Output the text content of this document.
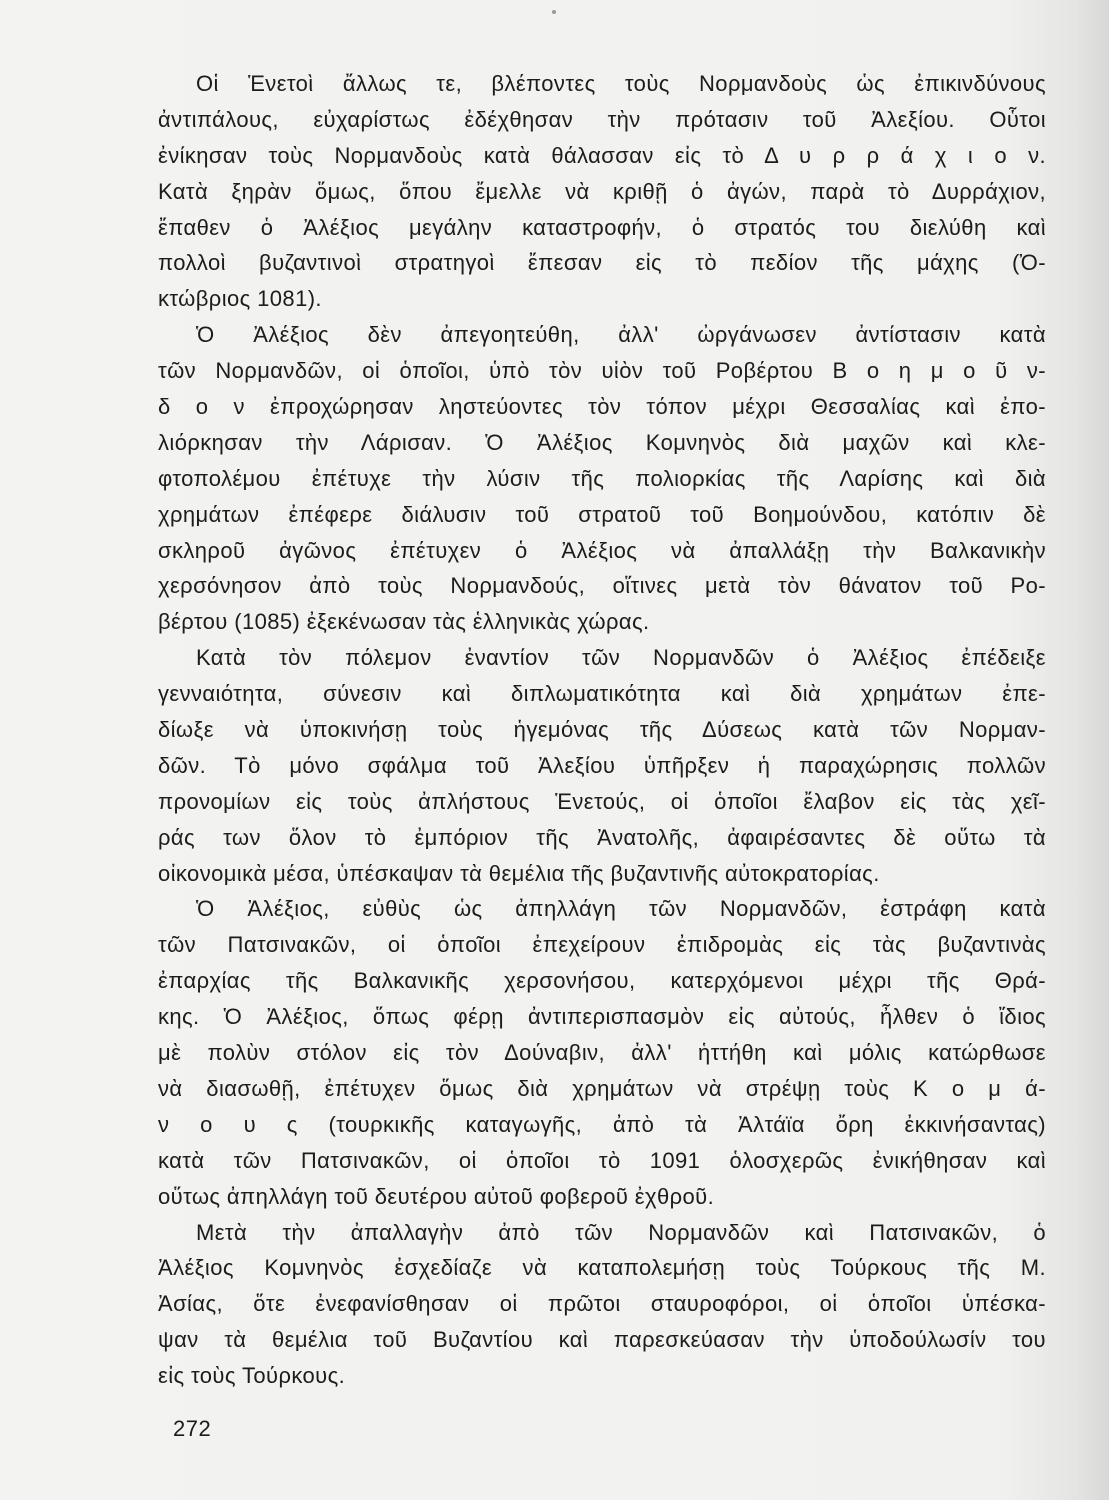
Οἱ Ἑνετοὶ ἄλλως τε, βλέποντες τοὺς Νορμανδοὺς ὡς ἐπικινδύνους
ἀντιπάλους, εὐχαρίστως ἐδέχθησαν τὴν πρότασιν τοῦ Ἀλεξίου. Οὗτοι
ἐνίκησαν τοὺς Νορμανδοὺς κατὰ θάλασσαν εἰς τὸ Δ υ ρ ρ ά χ ι ο ν.
Κατὰ ξηρὰν ὅμως, ὅπου ἔμελλε νὰ κριθῇ ὁ ἀγών, παρὰ τὸ Δυρράχιον,
ἔπαθεν ὁ Ἀλέξιος μεγάλην καταστροφήν, ὁ στρατός του διελύθη καὶ
πολλοὶ βυζαντινοὶ στρατηγοὶ ἔπεσαν εἰς τὸ πεδίον τῆς μάχης (Ὀ-
κτώβριος 1081).
Ὁ Ἀλέξιος δὲν ἀπεγοητεύθη, ἀλλ' ὠργάνωσεν ἀντίστασιν κατὰ
τῶν Νορμανδῶν, οἱ ὁποῖοι, ὑπὸ τὸν υἱὸν τοῦ Ροβέρτου Β ο η μ ο ῦ ν-
δ ο ν ἐπροχώρησαν ληστεύοντες τὸν τόπον μέχρι Θεσσαλίας καὶ ἐπο-
λιόρκησαν τὴν Λάρισαν. Ὁ Ἀλέξιος Κομνηνὸς διὰ μαχῶν καὶ κλε-
φτοπολέμου ἐπέτυχε τὴν λύσιν τῆς πολιορκίας τῆς Λαρίσης καὶ διὰ
χρημάτων ἐπέφερε διάλυσιν τοῦ στρατοῦ τοῦ Βοημούνδου, κατόπιν δὲ
σκληροῦ ἀγῶνος ἐπέτυχεν ὁ Ἀλέξιος νὰ ἀπαλλάξῃ τὴν Βαλκανικὴν
χερσόνησον ἀπὸ τοὺς Νορμανδούς, οἵτινες μετὰ τὸν θάνατον τοῦ Ρο-
βέρτου (1085) ἐξεκένωσαν τὰς ἑλληνικὰς χώρας.
Κατὰ τὸν πόλεμον ἐναντίον τῶν Νορμανδῶν ὁ Ἀλέξιος ἐπέδειξε
γενναιότητα, σύνεσιν καὶ διπλωματικότητα καὶ διὰ χρημάτων ἐπε-
δίωξε νὰ ὑποκινήσῃ τοὺς ἡγεμόνας τῆς Δύσεως κατὰ τῶν Νορμαν-
δῶν. Τὸ μόνο σφάλμα τοῦ Ἀλεξίου ὑπῆρξεν ἡ παραχώρησις πολλῶν
προνομίων εἰς τοὺς ἀπλήστους Ἑνετούς, οἱ ὁποῖοι ἔλαβον εἰς τὰς χεῖ-
ράς των ὅλον τὸ ἐμπόριον τῆς Ἀνατολῆς, ἀφαιρέσαντες δὲ οὕτω τὰ
οἰκονομικὰ μέσα, ὑπέσκαψαν τὰ θεμέλια τῆς βυζαντινῆς αὐτοκρατορίας.
Ὁ Ἀλέξιος, εὐθὺς ὡς ἀπηλλάγη τῶν Νορμανδῶν, ἐστράφη κατὰ
τῶν Πατσινακῶν, οἱ ὁποῖοι ἐπεχείρουν ἐπιδρομὰς εἰς τὰς βυζαντινὰς
ἐπαρχίας τῆς Βαλκανικῆς χερσονήσου, κατερχόμενοι μέχρι τῆς Θρά-
κης. Ὁ Ἀλέξιος, ὅπως φέρῃ ἀντιπερισπασμὸν εἰς αὐτούς, ἦλθεν ὁ ἴδιος
μὲ πολὺν στόλον εἰς τὸν Δούναβιν, ἀλλ' ἡττήθη καὶ μόλις κατώρθωσε
νὰ διασωθῇ, ἐπέτυχεν ὅμως διὰ χρημάτων νὰ στρέψῃ τοὺς Κ ο μ ά-
ν ο υ ς (τουρκικῆς καταγωγῆς, ἀπὸ τὰ Ἀλτάϊα ὄρη ἐκκινήσαντας)
κατὰ τῶν Πατσινακῶν, οἱ ὁποῖοι τὸ 1091 ὁλοσχερῶς ἐνικήθησαν καὶ
οὕτως ἀπηλλάγη τοῦ δευτέρου αὐτοῦ φοβεροῦ ἐχθροῦ.
Μετὰ τὴν ἀπαλλαγὴν ἀπὸ τῶν Νορμανδῶν καὶ Πατσινακῶν, ὁ
Ἀλέξιος Κομνηνὸς ἐσχεδίαζε νὰ καταπολεμήσῃ τοὺς Τούρκους τῆς Μ.
Ἀσίας, ὅτε ἐνεφανίσθησαν οἱ πρῶτοι σταυροφόροι, οἱ ὁποῖοι ὑπέσκα-
ψαν τὰ θεμέλια τοῦ Βυζαντίου καὶ παρεσκεύασαν τὴν ὑποδούλωσίν του
εἰς τοὺς Τούρκους.
272
